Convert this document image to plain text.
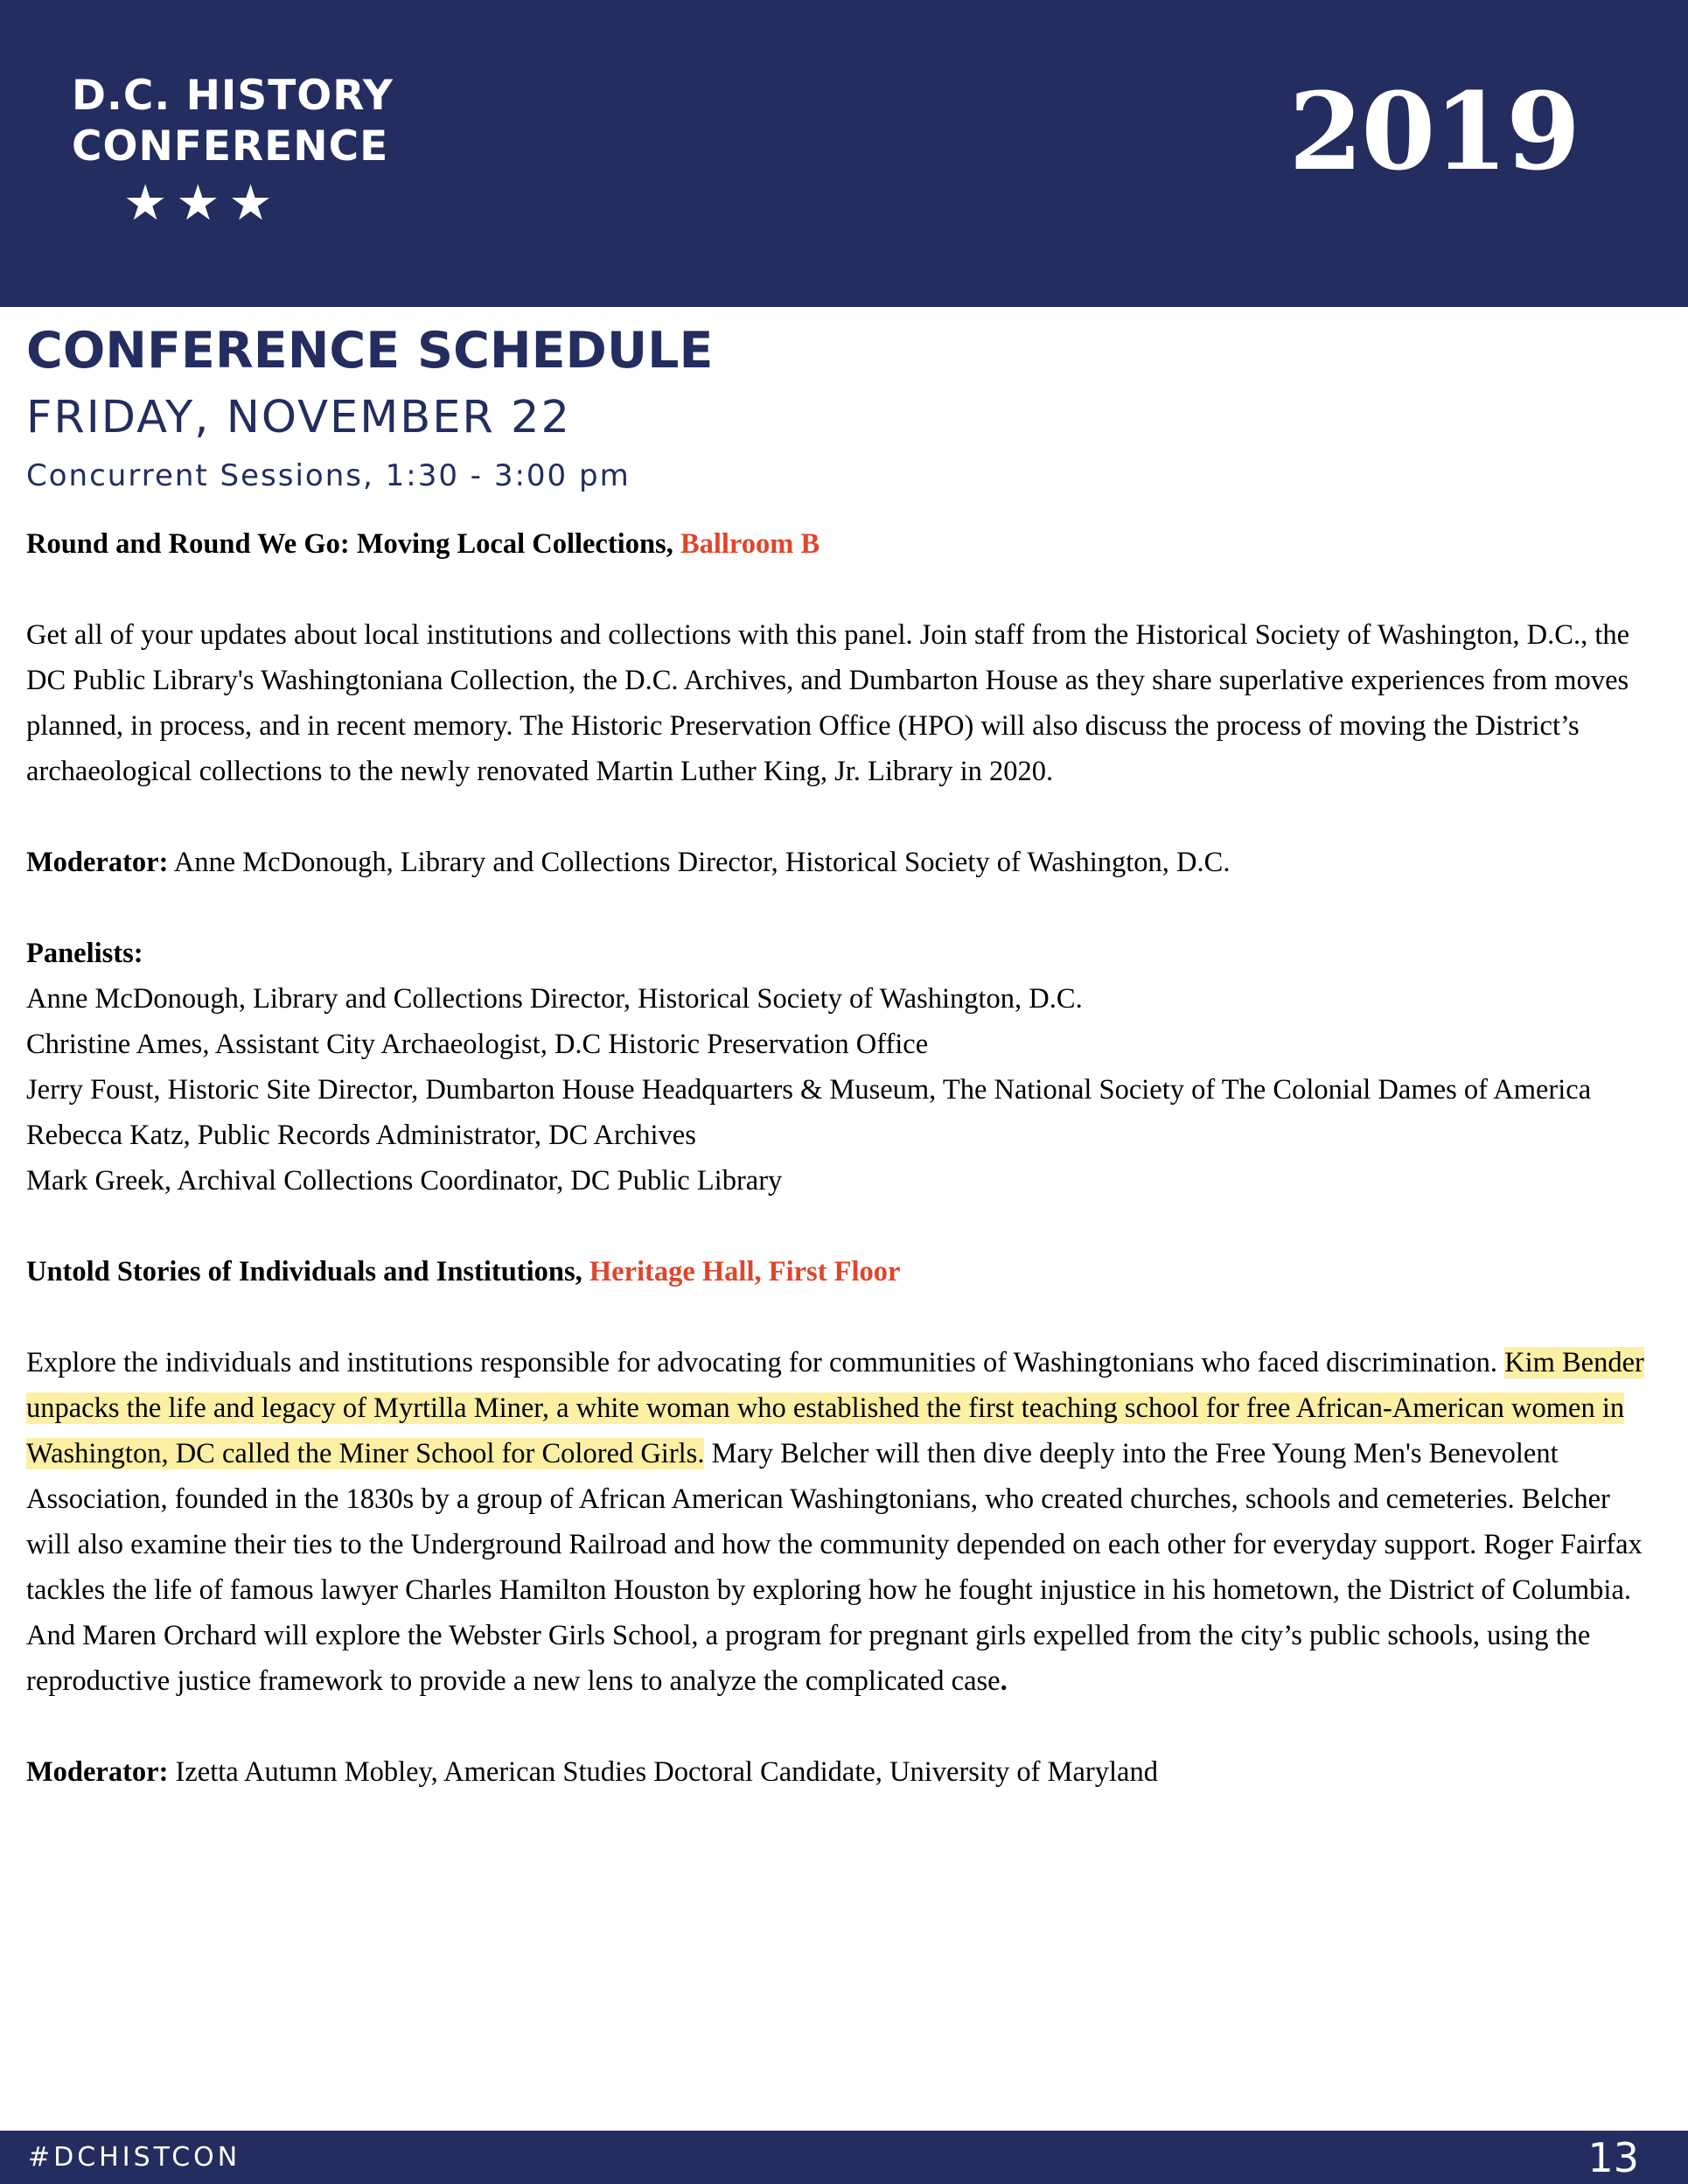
D.C. HISTORY
CONFERENCE
★★★
2019
CONFERENCE SCHEDULE
FRIDAY, NOVEMBER 22
Concurrent Sessions, 1:30 - 3:00 pm

Round and Round We Go: Moving Local Collections, Ballroom B

Get all of your updates about local institutions and collections with this panel. Join staff from the Historical Society of Washington, D.C., the DC Public Library's Washingtoniana Collection, the D.C. Archives, and Dumbarton House as they share superlative experiences from moves planned, in process, and in recent memory. The Historic Preservation Office (HPO) will also discuss the process of moving the District’s archaeological collections to the newly renovated Martin Luther King, Jr. Library in 2020.

Moderator: Anne McDonough, Library and Collections Director, Historical Society of Washington, D.C.

Panelists:
Anne McDonough, Library and Collections Director, Historical Society of Washington, D.C.
Christine Ames, Assistant City Archaeologist, D.C Historic Preservation Office
Jerry Foust, Historic Site Director, Dumbarton House Headquarters & Museum, The National Society of The Colonial Dames of America
Rebecca Katz, Public Records Administrator, DC Archives

Mark Greek, Archival Collections Coordinator, DC Public Library

Untold Stories of Individuals and Institutions, Heritage Hall, First Floor

Explore the individuals and institutions responsible for advocating for communities of Washingtonians who faced discrimination. Kim Bender unpacks the life and legacy of Myrtilla Miner, a white woman who established the first teaching school for free African-American women in Washington, DC called the Miner School for Colored Girls. Mary Belcher will then dive deeply into the Free Young Men's Benevolent Association, founded in the 1830s by a group of African American Washingtonians, who created churches, schools and cemeteries. Belcher will also examine their ties to the Underground Railroad and how the community depended on each other for everyday support. Roger Fairfax tackles the life of famous lawyer Charles Hamilton Houston by exploring how he fought injustice in his hometown, the District of Columbia. And Maren Orchard will explore the Webster Girls School, a program for pregnant girls expelled from the city’s public schools, using the reproductive justice framework to provide a new lens to analyze the complicated case.

Moderator: Izetta Autumn Mobley, American Studies Doctoral Candidate, University of Maryland

#DCHISTCON	13
